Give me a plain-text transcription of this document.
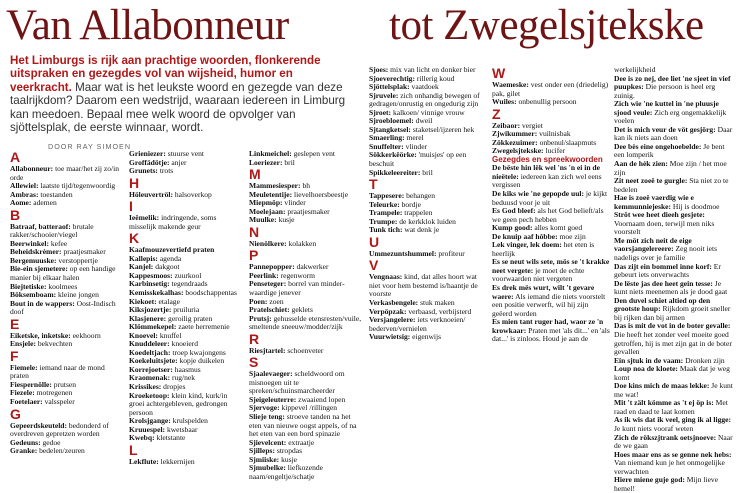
Van Allabonneur tot Zwegelsjtekske
Het Limburgs is rijk aan prachtige woorden, flonkerende uitspraken en gezegdes vol van wijsheid, humor en veerkracht. Maar wat is het leukste woord en gezegde van deze taalrijkdom? Daarom een wedstrijd, waaraan iedereen in Limburg kan meedoen. Bepaal mee welk woord de opvolger van sjöttelsplak, de eerste winnaar, wordt.
DOOR RAY SIMOEN

A

Allabonneur: toe maar/het zij zo/in orde

Allewiel: laatste tijd/tegenwoordig

Ambras: toestanden

Aome: ademen

B

Batraaf, batteraof: brutale rakker/schooier/viegel

Beerwinkel: kefee

Beheidskrèmer: praatjesmaker

Bergemuuske: verstoppertje

Bie-ein sjemetere: op een handige manier bij elkaar halen

Biejtetiske: koolmees

Böksemboam: kleine jongen

Bout in de wappers: Oost-Indisch doof

E

Eiketske, inketske: eekhoorn

Ensjele: bekvechten

F

Fiemele: iemand naar de mond praten

Fiespernölle: prutsen

Fiezele: motregenen

Foetelaer: valsspeler

G

Gepeerdskeuteld: bedonderd of overdreven gepretzen worden

Gedeuns: gedoe

Granke: bedelen/zeuren

Grieniezer: stuurse vent

Groffädötje: anjer

Grunets: trots

H

Höleuvertröl: halsoverkop

I

Ieëmelik: indringende, soms misselijk makende geur

K

Kaafmouzevertiefd praten

Kallepis: agenda

Kanjel: dakgoot

Kappesmoos: zuurkool

Karbinsetig: tegendraads

Kemisskekalhas: boodschappentas

Kiekoet: etalage

Kiksjozertje: pruiluria

Klasjenere: geroilig praten

Klömmekepel: zaete herremenie

Knoevel: knuffel

Knuddeleer: knoeierd

Koedeltjach: troep kwajongens

Koekeluitsjete: kopje duikelen

Korrejoetser: haasmus

Kraomenak: rug/nek

Krissikes: dropjes

Kroeketoop: klein kind, kurk/in groei achtergebleven, gedrongen persoon

Krolsjgange: krulspelden

Kruuespel: kwetsbaar

Kwebq: kletstante

L

Lekflute: lekkernijen

Linkmeichel: geslepen vent

Loeriezer: bril

M

Mammesiesper: bh

Meuletentije: lievelhoersbeestje

Miepmöp: vlinder

Moelejaan: praatjesmaker

Muulke: kusje

N

Nienölkere: kolakken

P

Pannepopper: dakwerker

Peerlink: regenworm

Penseteger: borrel van minder-waardige jenever

Poen: zoen

Pratelschiet: geklets

Prutsj: gehusselde etensresten/vuile, smeltende sneeuw/modder/zijk

R

Riesjtartel: schoenveter

S

Sjaalevaeger: scheldwoord om misnoegen uit te spreken/schuinsmarcheerder

Sjeigeleuterre: zwaaiend lopen

Sjervoge: kippevel /rillingen

Slieje teng: stroeve tanden na het eten van nieuwe oogst appels, of na het eten van een bord spinazie

Sjievelcent: extraatje

Sjilleps: stropdas

Sjmiiske: kusje

Sjmubelke: liefkozende naam/engeltje/schatje

Sjoes: mix van licht en donker bier

Sjoeverechtig: rillerig koud

Sjöttelsplak: vaatdoek

Sjruvele: zich onhandig bewegen of gedragen/onrustig en ongedurig zijn

Sjroet: kalkoen/ vinnige vrouw

Sjroebloemel: dweil

Sjtangketsel: staketsel/ijzeren hek

Smaerling: merel

Snuffelter: vlinder

Sökkerkëörke: 'muisjes' op een beschuit

Spikkeleereiter: bril

T

Tappesere: behangen

Teleurke: bordje

Trampele: trappelen

Trumpe: de kerkklok luiden

Tunk tich: wat denk je

U

Ummezuntshummel: profiteur

V

Vengnaas: kind, dat alles hoort wat niet voor hem bestemd is/haantje de voorste

Verkasbengele: stuk maken

Verpöpzak: verbaasd, verbijsterd

Versjangelere: iets verknoeien/ bederven/vernielen

Vuurwietsig: eigenwijs

W

Waemeske: vest onder een (driedelig) pak, gilet

Wuiles: onbenullig persoon

Z

Zeibaor: vergiet

Zjwikummer: vuilnisbak

Zökkezuimer: onbenul/slaapmuts

Zwegelsjtekske: lucifer

Gezegdes en spreekwoorden

De bëste hin lëk wel 'ns 'n ei in de nieëtele: iedereen kan zich wel eens vergissen

De kiks wie 'ne gepopde uul: je kijkt beduusd voor je uit

Es God bleef: als het God belieft/als we geen pech hebben

Kump good: alles komt goed

De knuip aaf hôbbe: moe zijn

Lek vinger, lek doem: het eten is heerlijk

Es se neut wils sete, mös se 't krakke neet vergete: je moet de echte voorwaarden niet vergeten

Es drek mës wurt, wilt 't gevare waere: Als iemand die niets voorstelt een positie verwerft, wil hij zijn geëerd worden

Es mien tant ruger had, waor ze 'n krowkaar: Praten met 'als dit...' en 'als dat...' is zinloos. Houd je aan de

werkelijkheid

Dee is zo nej, dee liet 'ne sjeet in vief puupkes: Die persoon is heel erg zuinig.

Zich wie 'ne kuttel in 'ne pluusje sjood veule: Zich erg ongemakkelijk voelen

Det is mich veur de vöt gesjörg: Daar kan ik niets aan doen

Dee bès eine ongehoebelde: Je bent een lomperik

Aan de hèk zien: Moe zijn / het moe zijn

Zit neet zoeë te gurgle: Sta niet zo te bedelen

Hae is zoeë vaerdig wie e kemmunniejeske: Hij is doodmoe

Ströt wee heet dieeh gesjete: Voornaam doen, terwijl men niks voorstelt

Me möt zich neit de eige vaorsjangelereere: Zeg nooit iets nadeligs over je familie

Das zijt ein bommel inne korf: Er gebeurt iets onverwachts

De lëste jas dee heet gein tesse: Je kunt niets meenemen als je dood gaat

Den duvel schiet altied op den grootste houp: Rijkdom groeit sneller bij rijken dan bij armen

Das is mit de vot in de boter gevalle: Die heeft het zonder veel moeite goed getroffen, hij is met zijn gat in de boter gevallen

Ein sjtuk in de vaam: Dronken zijn

Loup noa de kloete: Maak dat je weg komt

Doe kins mich de maas lekke: Je kunt me wat!

Mit 't zält kömme as 't ej öp is: Met raad en daad te laat komen

As ik wis dat ik veel, ging ik al ligge: Je kunt niets vooraf weten

Zich de rökszjtrank oetsjnoeve: Naar de we gaan

Hoes maar ens as se genne nek hebs: Van niemand kun je het onmogelijke verwachten

Hiere miene guje god: Mijn lieve hemel!
